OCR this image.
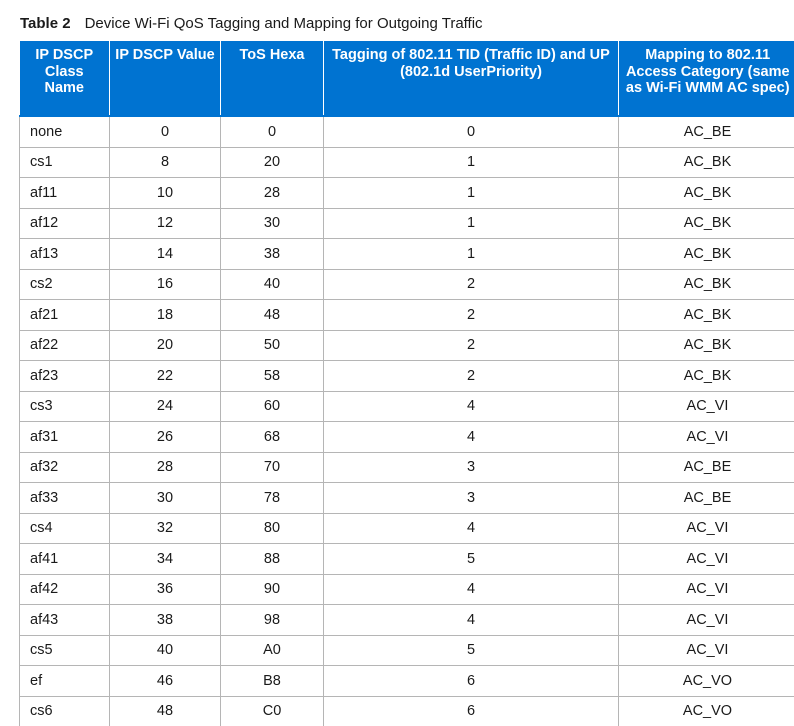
Table 2 Device Wi-Fi QoS Tagging and Mapping for Outgoing Traffic
IP DSCP Class Name	IP DSCP Value	ToS Hexa	Tagging of 802.11 TID (Traffic ID) and UP (802.1d UserPriority)	Mapping to 802.11 Access Category (same as Wi-Fi WMM AC spec)
none	0	0	0	AC_BE
cs1	8	20	1	AC_BK
af11	10	28	1	AC_BK
af12	12	30	1	AC_BK
af13	14	38	1	AC_BK
cs2	16	40	2	AC_BK
af21	18	48	2	AC_BK
af22	20	50	2	AC_BK
af23	22	58	2	AC_BK
cs3	24	60	4	AC_VI
af31	26	68	4	AC_VI
af32	28	70	3	AC_BE
af33	30	78	3	AC_BE
cs4	32	80	4	AC_VI
af41	34	88	5	AC_VI
af42	36	90	4	AC_VI
af43	38	98	4	AC_VI
cs5	40	A0	5	AC_VI
ef	46	B8	6	AC_VO
cs6	48	C0	6	AC_VO
